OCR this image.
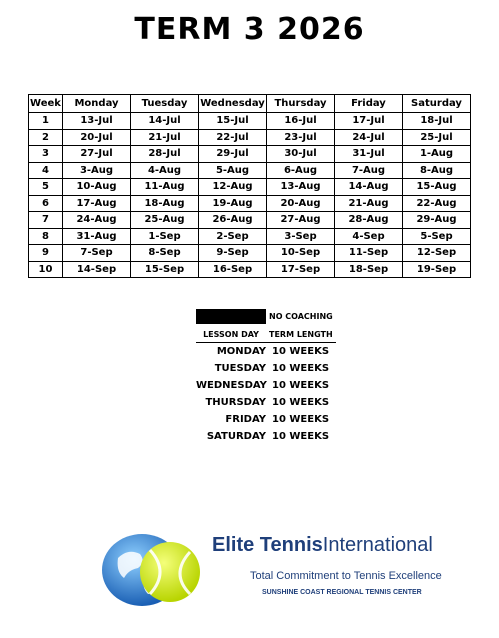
TERM 3 2026
Week	Monday	Tuesday	Wednesday	Thursday	Friday	Saturday
1	13-Jul	14-Jul	15-Jul	16-Jul	17-Jul	18-Jul
2	20-Jul	21-Jul	22-Jul	23-Jul	24-Jul	25-Jul
3	27-Jul	28-Jul	29-Jul	30-Jul	31-Jul	1-Aug
4	3-Aug	4-Aug	5-Aug	6-Aug	7-Aug	8-Aug
5	10-Aug	11-Aug	12-Aug	13-Aug	14-Aug	15-Aug
6	17-Aug	18-Aug	19-Aug	20-Aug	21-Aug	22-Aug
7	24-Aug	25-Aug	26-Aug	27-Aug	28-Aug	29-Aug
8	31-Aug	1-Sep	2-Sep	3-Sep	4-Sep	5-Sep
9	7-Sep	8-Sep	9-Sep	10-Sep	11-Sep	12-Sep
10	14-Sep	15-Sep	16-Sep	17-Sep	18-Sep	19-Sep
NO COACHING
LESSON DAY	TERM LENGTH
MONDAY 10 WEEKS
TUESDAY 10 WEEKS
WEDNESDAY 10 WEEKS
THURSDAY 10 WEEKS
FRIDAY 10 WEEKS
SATURDAY 10 WEEKS
Elite TennisInternational
Total Commitment to Tennis Excellence
SUNSHINE COAST REGIONAL TENNIS CENTER
